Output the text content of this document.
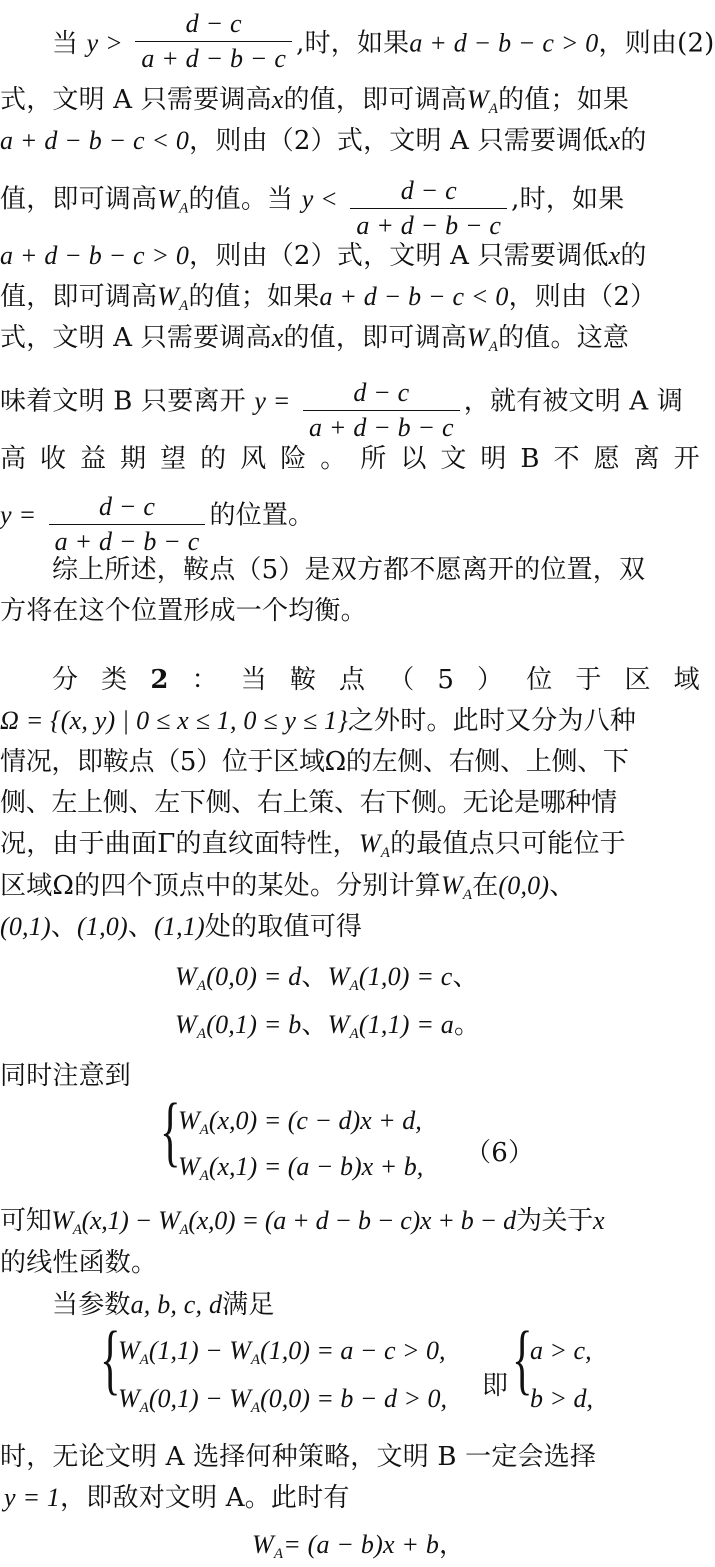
当 $y > \frac{d - c}{a + d - b - c}$ ,时，如果a + d − b − c > 0，则由(2)
式，文明 A 只需要调高x的值，即可调高$W_A$的值；如果
a + d − b − c < 0，则由（2）式，文明 A 只需要调低x的
值，即可调高$W_A$的值。当 $y < \frac{d - c}{a + d - b - c}$ ,时，如果
a + d − b − c > 0，则由（2）式，文明 A 只需要调低x的
值，即可调高$W_A$的值；如果a + d − b − c < 0，则由（2）
式，文明 A 只需要调高x的值，即可调高$W_A$的值。这意
味着文明 B 只要离开 $y = \frac{d - c}{a + d - b - c}$ ，就有被文明 A 调
高 收 益 期 望 的 风 险 。 所 以 文 明 B 不 愿 离 开
$y = \frac{d - c}{a + d - b - c}$ 的位置。
综上所述，鞍点（5）是双方都不愿离开的位置，双
方将在这个位置形成一个均衡。
分 类 2 ： 当 鞍 点 （ 5 ） 位 于 区 域
Ω = {(x, y) | 0 ≤ x ≤ 1, 0 ≤ y ≤ 1}之外时。此时又分为八种
情况，即鞍点（5）位于区域Ω的左侧、右侧、上侧、下
侧、左上侧、左下侧、右上策、右下侧。无论是哪种情
况，由于曲面Γ的直纹面特性，$W_A$的最值点只可能位于
区域Ω的四个顶点中的某处。分别计算$W_A$在(0,0)、
(0,1)、(1,0)、(1,1)处的取值可得
$W_A(0,0) = d$、$W_A(1,0) = c$、
$W_A(0,1) = b$、$W_A(1,1) = a$。
同时注意到
{
$W_A(x,0) = (c - d)x + d$,
$W_A(x,1) = (a - b)x + b$, （6）
可知$W_A(x,1) - W_A(x,0) = (a + d - b - c)x + b - d$为关于x
的线性函数。
当参数a, b, c, d满足
{
$W_A(1,1) - W_A(1,0) = a - c > 0$,
$W_A(0,1) - W_A(0,0) = b - d > 0$, 即 {
a > c,
b > d,
时，无论文明 A 选择何种策略，文明 B 一定会选择
y = 1，即敌对文明 A。此时有
$W_A= (a - b)x + b$，
